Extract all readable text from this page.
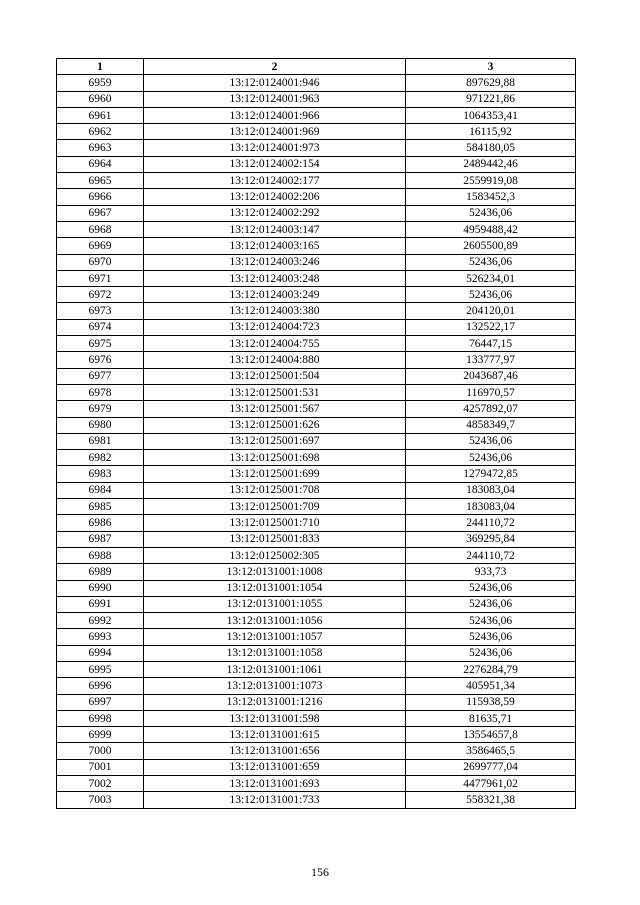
1	2	3
6959	13:12:0124001:946	897629,88
6960	13:12:0124001:963	971221,86
6961	13:12:0124001:966	1064353,41
6962	13:12:0124001:969	16115,92
6963	13:12:0124001:973	584180,05
6964	13:12:0124002:154	2489442,46
6965	13:12:0124002:177	2559919,08
6966	13:12:0124002:206	1583452,3
6967	13:12:0124002:292	52436,06
6968	13:12:0124003:147	4959488,42
6969	13:12:0124003:165	2605500,89
6970	13:12:0124003:246	52436,06
6971	13:12:0124003:248	526234,01
6972	13:12:0124003:249	52436,06
6973	13:12:0124003:380	204120,01
6974	13:12:0124004:723	132522,17
6975	13:12:0124004:755	76447,15
6976	13:12:0124004:880	133777,97
6977	13:12:0125001:504	2043687,46
6978	13:12:0125001:531	116970,57
6979	13:12:0125001:567	4257892,07
6980	13:12:0125001:626	4858349,7
6981	13:12:0125001:697	52436,06
6982	13:12:0125001:698	52436,06
6983	13:12:0125001:699	1279472,85
6984	13:12:0125001:708	183083,04
6985	13:12:0125001:709	183083,04
6986	13:12:0125001:710	244110,72
6987	13:12:0125001:833	369295,84
6988	13:12:0125002:305	244110,72
6989	13:12:0131001:1008	933,73
6990	13:12:0131001:1054	52436,06
6991	13:12:0131001:1055	52436,06
6992	13:12:0131001:1056	52436,06
6993	13:12:0131001:1057	52436,06
6994	13:12:0131001:1058	52436,06
6995	13:12:0131001:1061	2276284,79
6996	13:12:0131001:1073	405951,34
6997	13:12:0131001:1216	115938,59
6998	13:12:0131001:598	81635,71
6999	13:12:0131001:615	13554657,8
7000	13:12:0131001:656	3586465,5
7001	13:12:0131001:659	2699777,04
7002	13:12:0131001:693	4477961,02
7003	13:12:0131001:733	558321,38
156
